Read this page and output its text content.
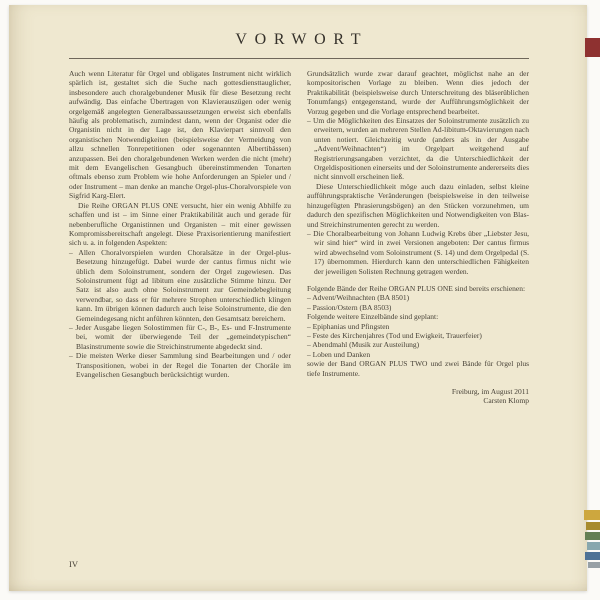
VORWORT

Auch wenn Literatur für Orgel und obligates Instrument nicht wirklich spärlich ist, gestaltet sich die Suche nach gottesdiensttauglicher, insbesondere auch choralgebundener Musik für diese Besetzung recht aufwändig. Das einfache Übertragen von Klavierauszügen oder wenig orgelgemäß angelegten Generalbassaussetzungen erweist sich ebenfalls häufig als problematisch, zumindest dann, wenn der Organist oder die Organistin nicht in der Lage ist, den Klavierpart sinnvoll den organistischen Notwendigkeiten (beispielsweise der Vermeidung von allzu schnellen Tonrepetitionen oder sogenannten Albertibässen) anzupassen. Bei den choralgebundenen Werken werden die nicht (mehr) mit dem Evangelischen Gesangbuch übereinstimmenden Tonarten oftmals ebenso zum Problem wie hohe Anforderungen an Spieler und / oder Instrument – man denke an manche Orgel-plus-Choralvorspiele von Sigfrid Karg-Elert.

Die Reihe ORGAN PLUS ONE versucht, hier ein wenig Abhilfe zu schaffen und ist – im Sinne einer Praktikabilität auch und gerade für nebenberufliche Organistinnen und Organisten – mit einer gewissen Kompromissbereitschaft angelegt. Diese Praxisorientierung manifestiert sich u. a. in folgenden Aspekten:

– Allen Choralvorspielen wurden Choralsätze in der Orgel-plus-Besetzung hinzugefügt. Dabei wurde der cantus firmus nicht wie üblich dem Soloinstrument, sondern der Orgel zugewiesen. Das Soloinstrument fügt ad libitum eine zusätzliche Stimme hinzu. Der Satz ist also auch ohne Soloinstrument zur Gemeindebegleitung verwendbar, so dass er für mehrere Strophen unterschiedlich klingen kann. Im übrigen können dadurch auch leise Soloinstrumente, die den Gemeindegesang nicht anführen könnten, den Gesamtsatz bereichern.

– Jeder Ausgabe liegen Solostimmen für C-, B-, Es- und F-Instrumente bei, womit der überwiegende Teil der „gemeindetypischen“ Blasinstrumente sowie die Streichinstrumente abgedeckt sind.

– Die meisten Werke dieser Sammlung sind Bearbeitungen und / oder Transpositionen, wobei in der Regel die Tonarten der Choräle im Evangelischen Gesangbuch berücksichtigt wurden.

Grundsätzlich wurde zwar darauf geachtet, möglichst nahe an der kompositorischen Vorlage zu bleiben. Wenn dies jedoch der Praktikabilität (beispielsweise durch Unterschreitung des bläserüblichen Tonumfangs) entgegenstand, wurde der Aufführungsmöglichkeit der Vorzug gegeben und die Vorlage entsprechend bearbeitet.

– Um die Möglichkeiten des Einsatzes der Soloinstrumente zusätzlich zu erweitern, wurden an mehreren Stellen Ad-libitum-Oktavierungen nach unten notiert. Gleichzeitig wurde (anders als in der Ausgabe „Advent/Weihnachten“) im Orgelpart weitgehend auf Registrierungsangaben verzichtet, da die Unterschiedlichkeit der Orgeldispositionen einerseits und der Soloinstrumente andererseits dies nicht sinnvoll erscheinen ließ.

Diese Unterschiedlichkeit möge auch dazu einladen, selbst kleine aufführungspraktische Veränderungen (beispielsweise in den teilweise hinzugefügten Phrasierungsbögen) an den Stücken vorzunehmen, um dadurch den spezifischen Möglichkeiten und Notwendigkeiten von Blas- und Streichinstrumenten gerecht zu werden.

– Die Choralbearbeitung von Johann Ludwig Krebs über „Liebster Jesu, wir sind hier“ wird in zwei Versionen angeboten: Der cantus firmus wird abwechselnd vom Soloinstrument (S. 14) und dem Orgelpedal (S. 17) übernommen. Hierdurch kann den unterschiedlichen Fähigkeiten der jeweiligen Solisten Rechnung getragen werden.

Folgende Bände der Reihe ORGAN PLUS ONE sind bereits erschienen:

– Advent/Weihnachten (BA 8501)

– Passion/Ostern (BA 8503)

Folgende weitere Einzelbände sind geplant:

– Epiphanias und Pfingsten

– Feste des Kirchenjahres (Tod und Ewigkeit, Trauerfeier)

– Abendmahl (Musik zur Austeilung)

– Loben und Danken

sowie der Band ORGAN PLUS TWO und zwei Bände für Orgel plus tiefe Instrumente.

Freiburg, im August 2011

Carsten Klomp

IV
